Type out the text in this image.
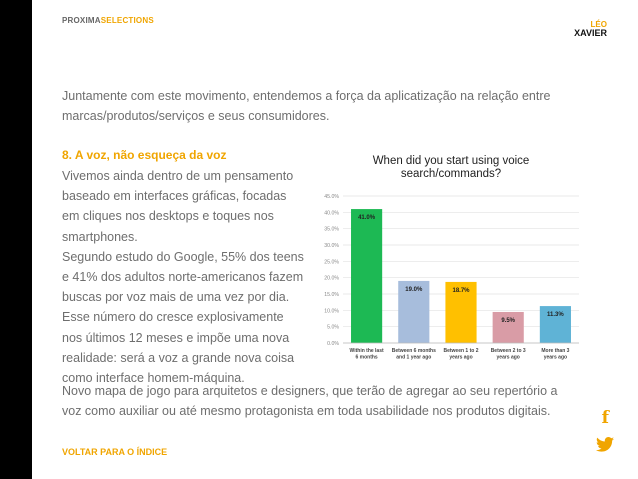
PROXIMASELECTIONS	LÉO
XAVIER
Juntamente com este movimento, entendemos a força da aplicatização na relação entre
marcas/produtos/serviços e seus consumidores.
8. A voz, não esqueça da voz
Vivemos ainda dentro de um pensamento
baseado em interfaces gráficas, focadas
em cliques nos desktops e toques nos
smartphones.
Segundo estudo do Google, 55% dos teens
e 41% dos adultos norte-americanos fazem
buscas por voz mais de uma vez por dia.
Esse número do cresce explosivamente
nos últimos 12 meses e impõe uma nova
realidade: será a voz a grande nova coisa
como interface homem-máquina.
When did you start using voice
search/commands?
0.0%
5.0%
10.0%
15.0%
20.0%
25.0%
30.0%
35.0%
40.0%
45.0%
41.0%
Within the last
6 months
19.0%
Between 6 months
and 1 year ago
18.7%
Between 1 to 2
years ago
9.5%
Between 2 to 3
years ago
11.3%
More than 3
years ago
Novo mapa de jogo para arquitetos e designers, que terão de agregar ao seu repertório a
voz como auxiliar ou até mesmo protagonista em toda usabilidade nos produtos digitais.
VOLTAR PARA O ÍNDICE
f
